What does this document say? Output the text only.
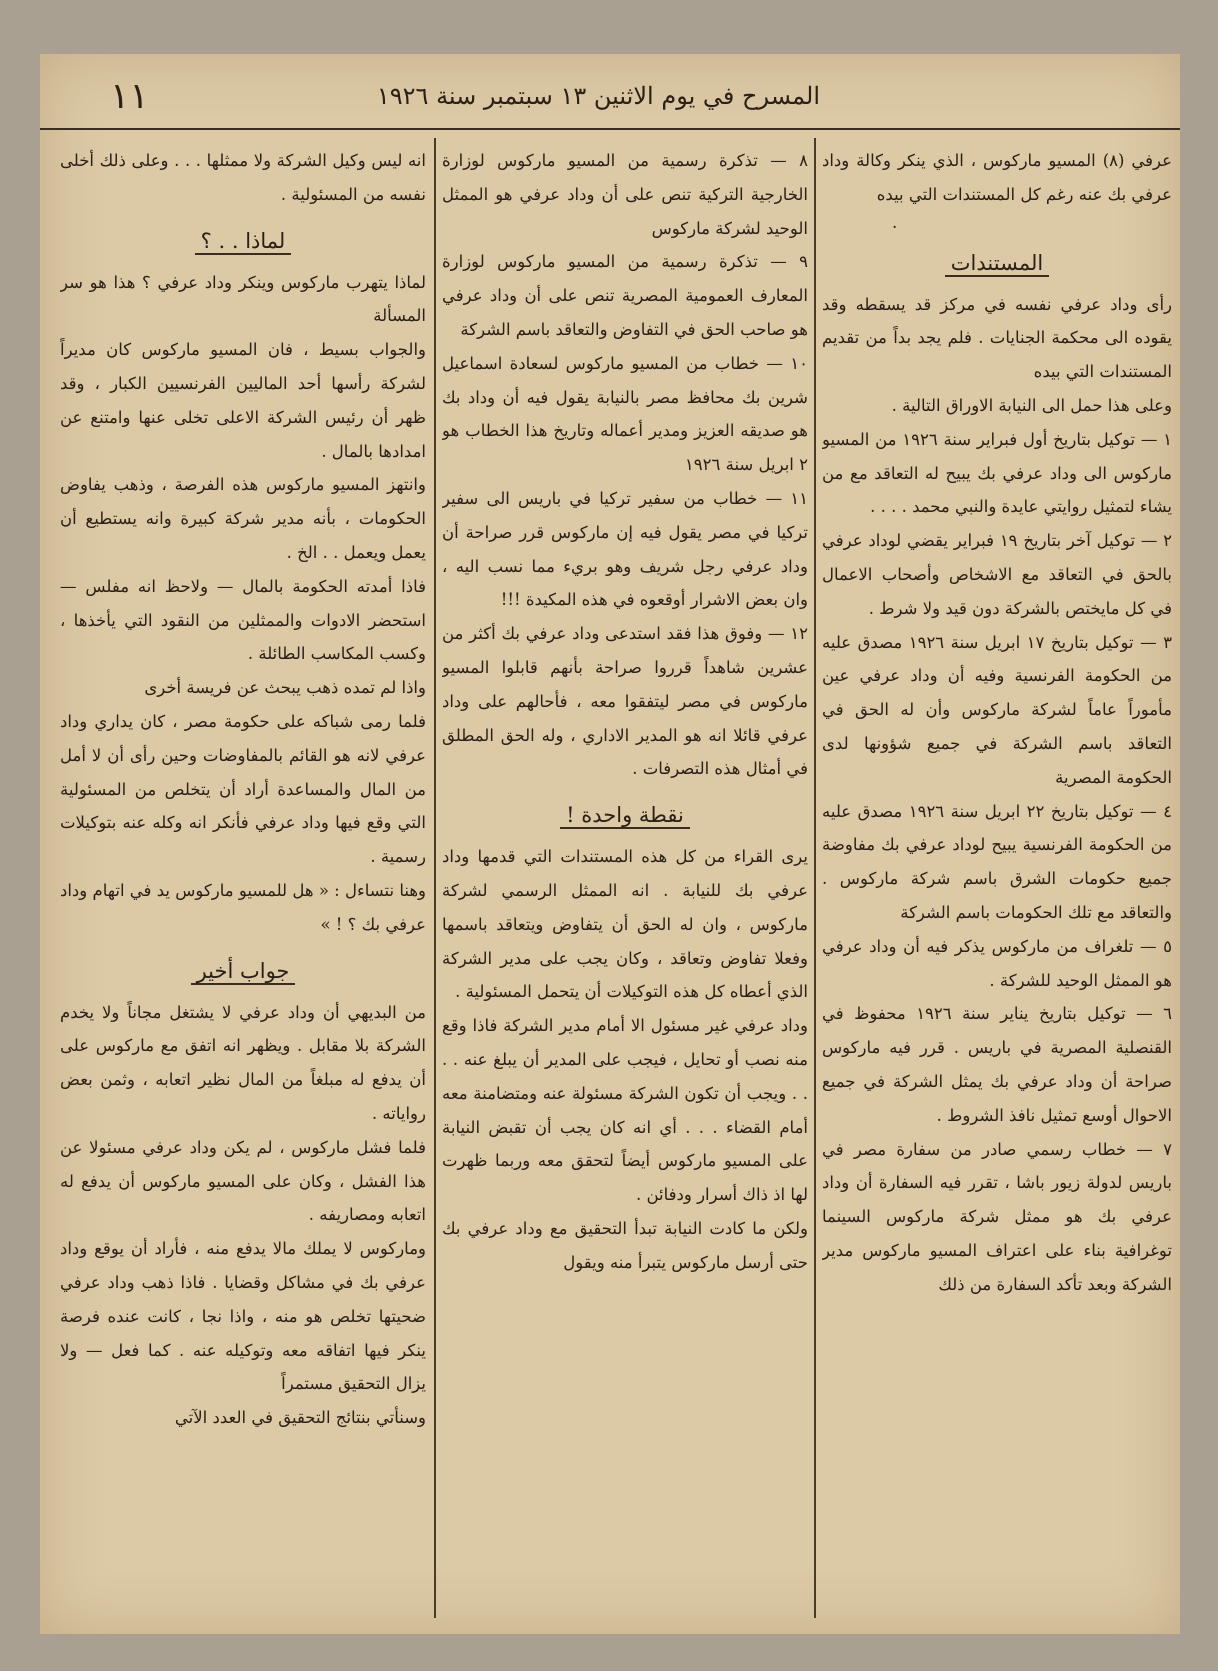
المسرح في يوم الاثنين ١٣ سبتمبر سنة ١٩٢٦
١١

عرفي (٨) المسيو ماركوس ، الذي ينكر وكالة وداد عرفي بك عنه رغم كل المستندات التي بيده

.
المستندات

رأى وداد عرفي نفسه في مركز قد يسقطه وقد يقوده الى محكمة الجنايات . فلم يجد بداً من تقديم المستندات التي بيده

وعلى هذا حمل الى النيابة الاوراق التالية .

١ — توكيل بتاريخ أول فبراير سنة ١٩٢٦ من المسيو ماركوس الى وداد عرفي بك يبيح له التعاقد مع من يشاء لتمثيل روايتي عايدة والنبي محمد . . . .

٢ — توكيل آخر بتاريخ ١٩ فبراير يقضي لوداد عرفي بالحق في التعاقد مع الاشخاص وأصحاب الاعمال في كل مايختص بالشركة دون قيد ولا شرط .

٣ — توكيل بتاريخ ١٧ ابريل سنة ١٩٢٦ مصدق عليه من الحكومة الفرنسية وفيه أن وداد عرفي عين مأموراً عاماً لشركة ماركوس وأن له الحق في التعاقد باسم الشركة في جميع شؤونها لدى الحكومة المصرية

٤ — توكيل بتاريخ ٢٢ ابريل سنة ١٩٢٦ مصدق عليه من الحكومة الفرنسية يبيح لوداد عرفي بك مفاوضة جميع حكومات الشرق باسم شركة ماركوس . والتعاقد مع تلك الحكومات باسم الشركة

٥ — تلغراف من ماركوس يذكر فيه أن وداد عرفي هو الممثل الوحيد للشركة .

٦ — توكيل بتاريخ يناير سنة ١٩٢٦ محفوظ في القنصلية المصرية في باريس . قرر فيه ماركوس صراحة أن وداد عرفي بك يمثل الشركة في جميع الاحوال أوسع تمثيل نافذ الشروط .

٧ — خطاب رسمي صادر من سفارة مصر في باريس لدولة زيور باشا ، تقرر فيه السفارة أن وداد عرفي بك هو ممثل شركة ماركوس السينما توغرافية بناء على اعتراف المسيو ماركوس مدير الشركة وبعد تأكد السفارة من ذلك

٨ — تذكرة رسمية من المسيو ماركوس لوزارة الخارجية التركية تنص على أن وداد عرفي هو الممثل الوحيد لشركة ماركوس

٩ — تذكرة رسمية من المسيو ماركوس لوزارة المعارف العمومية المصرية تنص على أن وداد عرفي هو صاحب الحق في التفاوض والتعاقد باسم الشركة

١٠ — خطاب من المسيو ماركوس لسعادة اسماعيل شرين بك محافظ مصر بالنيابة يقول فيه أن وداد بك هو صديقه العزيز ومدير أعماله وتاريخ هذا الخطاب هو ٢ ابريل سنة ١٩٢٦

١١ — خطاب من سفير تركيا في باريس الى سفير تركيا في مصر يقول فيه إن ماركوس قرر صراحة أن وداد عرفي رجل شريف وهو بريء مما نسب اليه ، وان بعض الاشرار أوقعوه في هذه المكيدة !!!

١٢ — وفوق هذا فقد استدعى وداد عرفي بك أكثر من عشرين شاهداً قرروا صراحة بأنهم قابلوا المسيو ماركوس في مصر ليتفقوا معه ، فأحالهم على وداد عرفي قائلا انه هو المدير الاداري ، وله الحق المطلق في أمثال هذه التصرفات .

نقطة واحدة !

يرى القراء من كل هذه المستندات التي قدمها وداد عرفي بك للنيابة . انه الممثل الرسمي لشركة ماركوس ، وان له الحق أن يتفاوض ويتعاقد باسمها وفعلا تفاوض وتعاقد ، وكان يجب على مدير الشركة الذي أعطاه كل هذه التوكيلات أن يتحمل المسئولية .

وداد عرفي غير مسئول الا أمام مدير الشركة فاذا وقع منه نصب أو تحايل ، فيجب على المدير أن يبلغ عنه . . . . ويجب أن تكون الشركة مسئولة عنه ومتضامنة معه أمام القضاء . . . أي انه كان يجب أن تقبض النيابة على المسيو ماركوس أيضاً لتحقق معه وربما ظهرت لها اذ ذاك أسرار ودفائن .

ولكن ما كادت النيابة تبدأ التحقيق مع وداد عرفي بك حتى أرسل ماركوس يتبرأ منه ويقول

انه ليس وكيل الشركة ولا ممثلها . . . وعلى ذلك أخلى نفسه من المسئولية .

لماذا . . ؟

لماذا يتهرب ماركوس وينكر وداد عرفي ؟ هذا هو سر المسألة

والجواب بسيط ، فان المسيو ماركوس كان مديراً لشركة رأسها أحد الماليين الفرنسيين الكبار ، وقد ظهر أن رئيس الشركة الاعلى تخلى عنها وامتنع عن امدادها بالمال .

وانتهز المسيو ماركوس هذه الفرصة ، وذهب يفاوض الحكومات ، بأنه مدير شركة كبيرة وانه يستطيع أن يعمل ويعمل . . الخ .

فاذا أمدته الحكومة بالمال — ولاحظ انه مفلس — استحضر الادوات والممثلين من النقود التي يأخذها ، وكسب المكاسب الطائلة .

واذا لم تمده ذهب يبحث عن فريسة أخرى

فلما رمى شباكه على حكومة مصر ، كان يداري وداد عرفي لانه هو القائم بالمفاوضات وحين رأى أن لا أمل من المال والمساعدة أراد أن يتخلص من المسئولية التي وقع فيها وداد عرفي فأنكر انه وكله عنه بتوكيلات رسمية .

وهنا نتساءل : « هل للمسيو ماركوس يد في اتهام وداد عرفي بك ؟ ! »

جواب أخير

من البديهي أن وداد عرفي لا يشتغل مجاناً ولا يخدم الشركة بلا مقابل . ويظهر انه اتفق مع ماركوس على أن يدفع له مبلغاً من المال نظير اتعابه ، وثمن بعض رواياته .

فلما فشل ماركوس ، لم يكن وداد عرفي مسئولا عن هذا الفشل ، وكان على المسيو ماركوس أن يدفع له اتعابه ومصاريفه .

وماركوس لا يملك مالا يدفع منه ، فأراد أن يوقع وداد عرفي بك في مشاكل وقضايا . فاذا ذهب وداد عرفي ضحيتها تخلص هو منه ، واذا نجا ، كانت عنده فرصة ينكر فيها اتفاقه معه وتوكيله عنه . كما فعل — ولا يزال التحقيق مستمراً

وسنأتي بنتائج التحقيق في العدد الآتي
